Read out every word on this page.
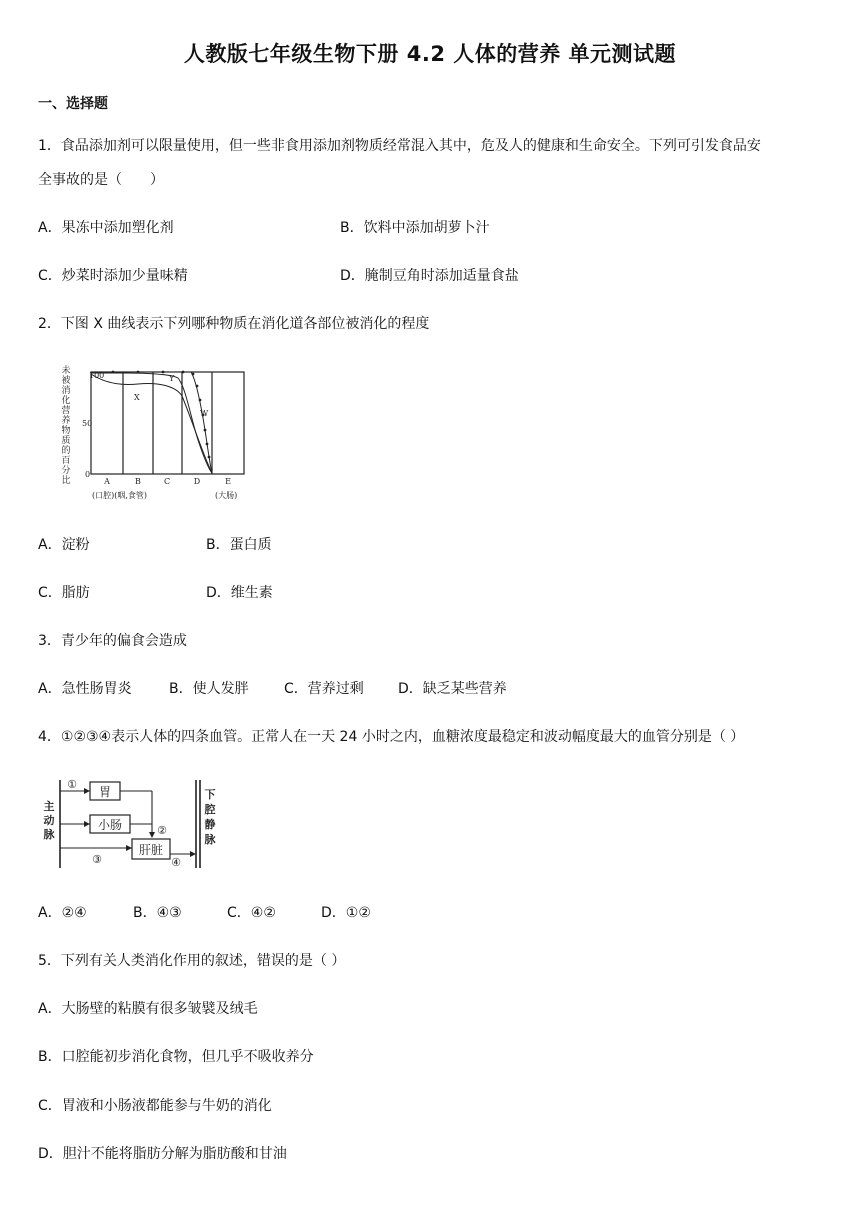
人教版七年级生物下册 4.2 人体的营养 单元测试题
一、选择题
1．食品添加剂可以限量使用，但一些非食用添加剂物质经常混入其中，危及人的健康和生命安全。下列可引发食品安
全事故的是（　　）
A．果冻中添加塑化剂	B．饮料中添加胡萝卜汁
C．炒菜时添加少量味精	D．腌制豆角时添加适量食盐
2．下图 X 曲线表示下列哪种物质在消化道各部位被消化的程度
未
被
消
化
营
养
物
质
的
百
分
比
100
50
0
X
Y
W
A	B	C	D	E
(口腔)(咽,食管)	(大肠)
A．淀粉	B．蛋白质
C．脂肪	D．维生素
3．青少年的偏食会造成
A．急性肠胃炎	B．使人发胖	C．营养过剩 D．缺乏某些营养
4．①②③④表示人体的四条血管。正常人在一天 24 小时之内，血糖浓度最稳定和波动幅度最大的血管分别是（ ）
胃
小肠
肝脏
主
动
脉
下
腔
静
脉
①
②
③	④
A．②④	B．④③	C．④②	D．①②
5．下列有关人类消化作用的叙述，错误的是（ ）
A．大肠壁的粘膜有很多皱襞及绒毛
B．口腔能初步消化食物，但几乎不吸收养分
C．胃液和小肠液都能参与牛奶的消化
D．胆汁不能将脂肪分解为脂肪酸和甘油
